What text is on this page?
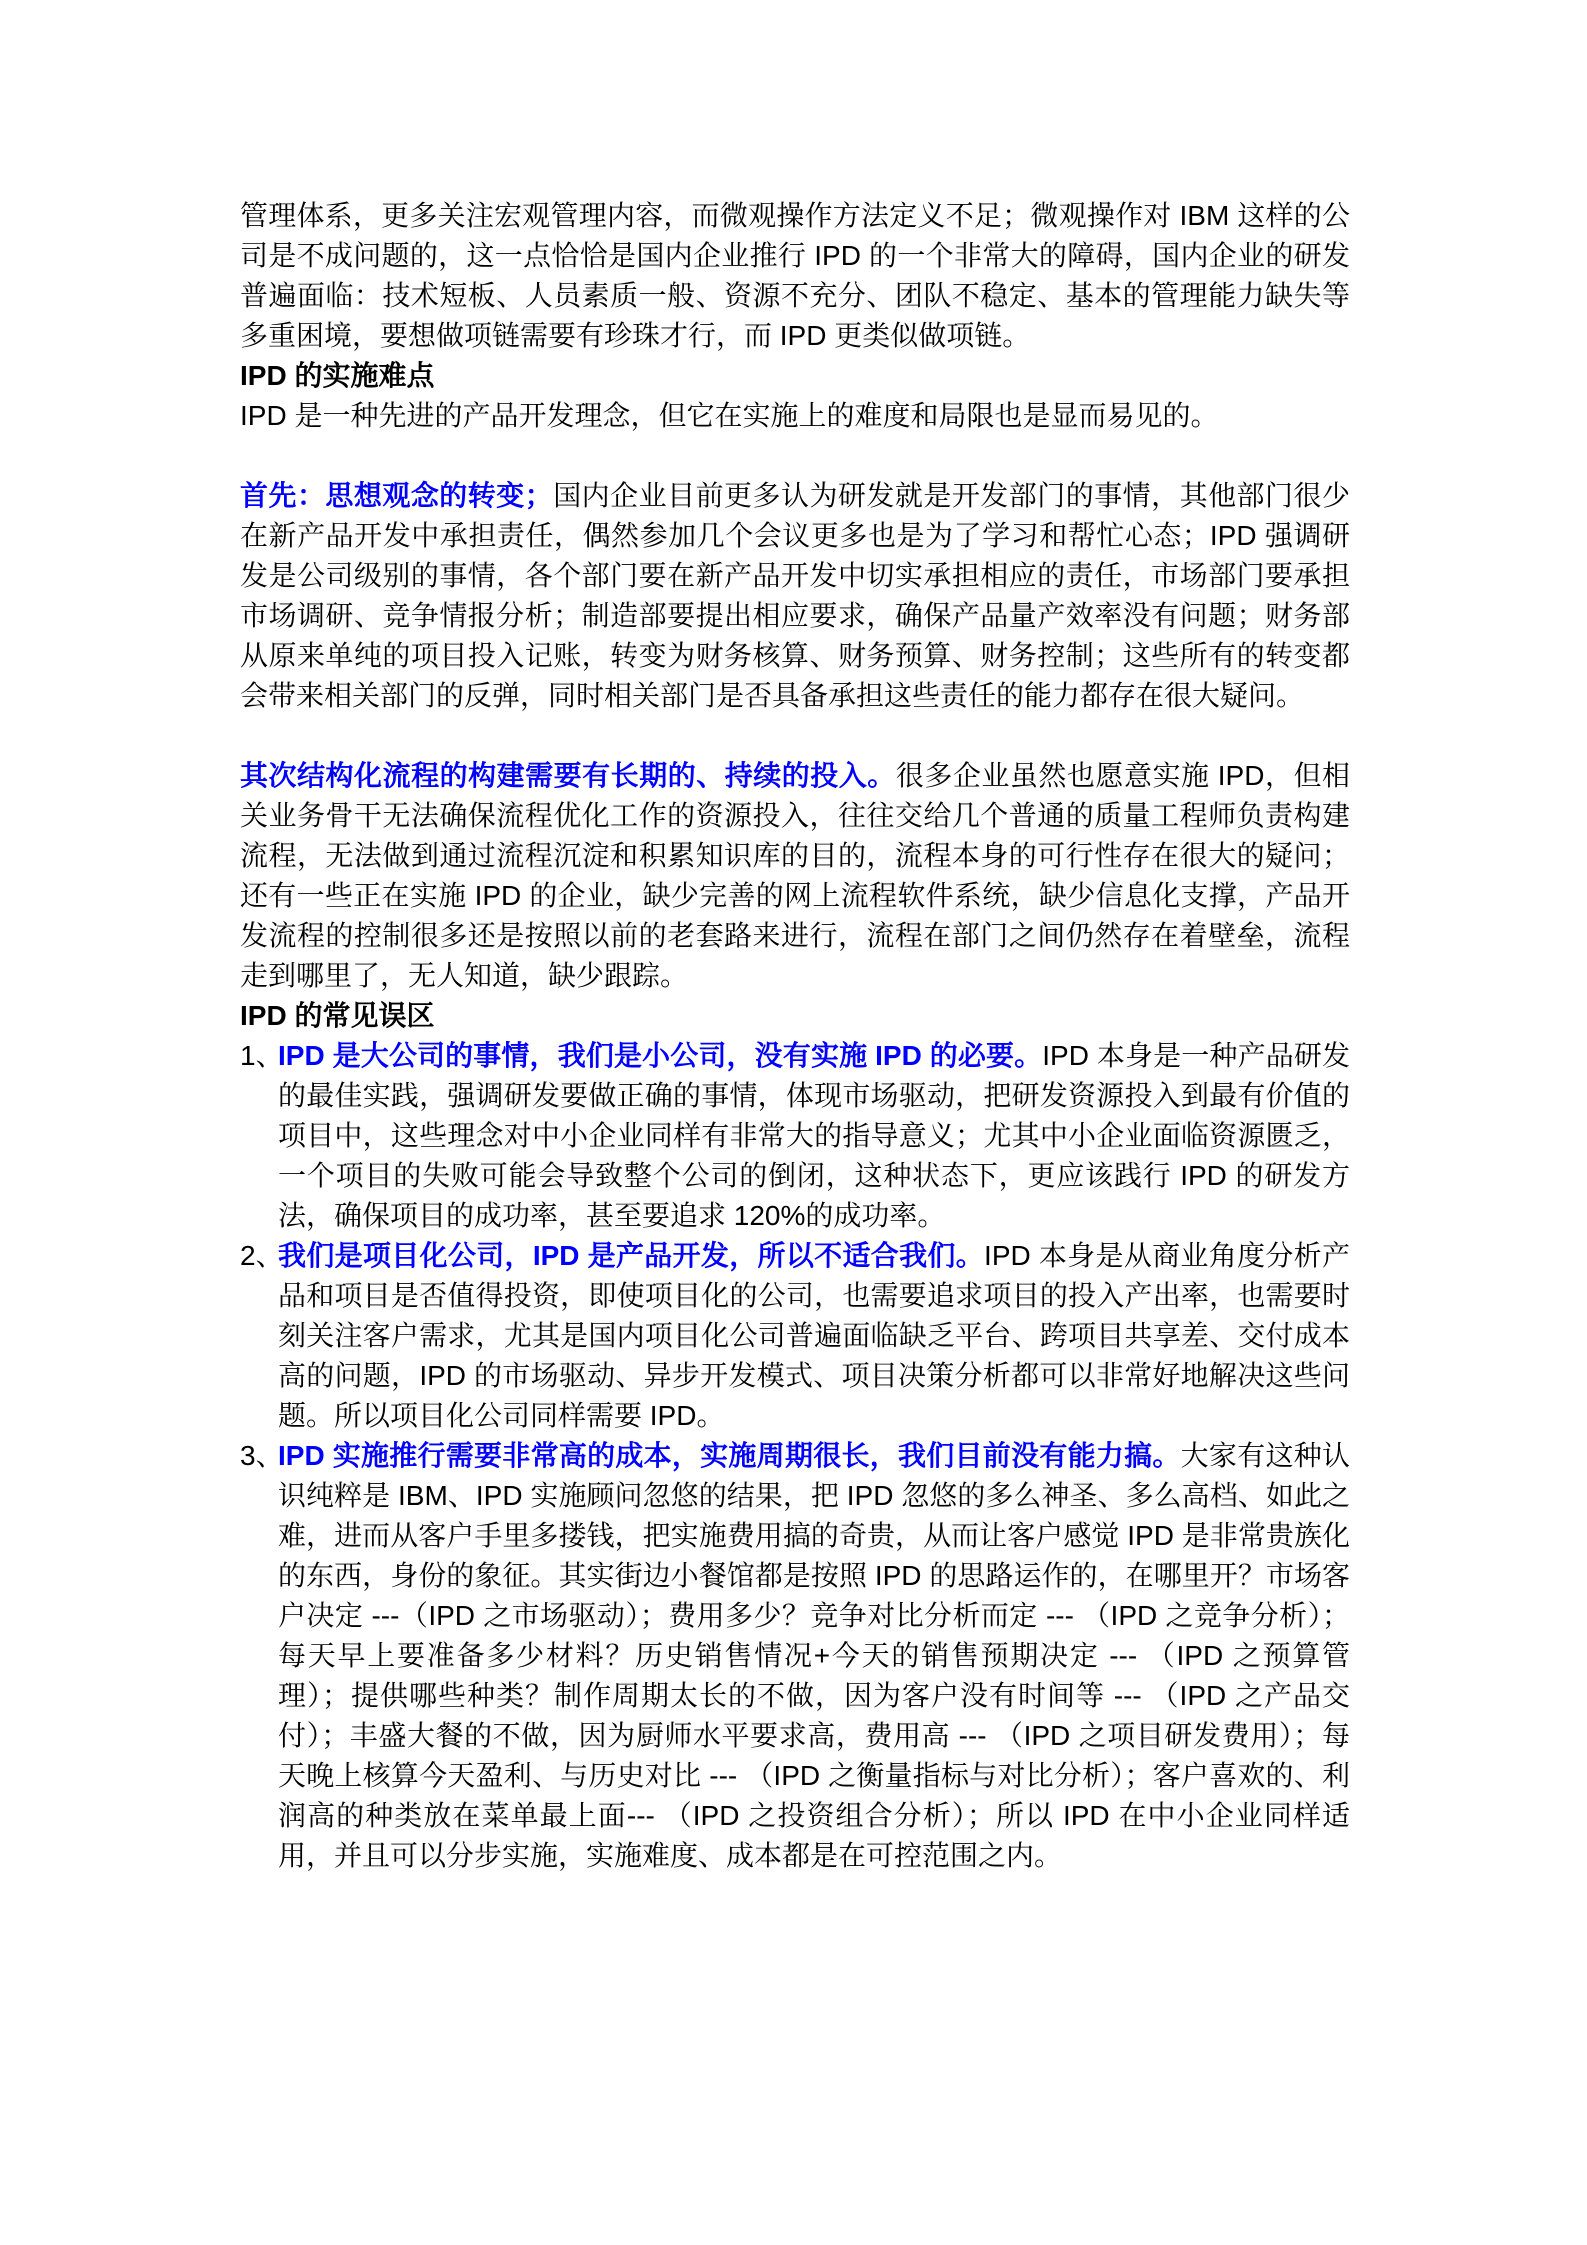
管理体系，更多关注宏观管理内容，而微观操作方法定义不足；微观操作对 IBM 这样的公司是不成问题的，这一点恰恰是国内企业推行 IPD 的一个非常大的障碍，国内企业的研发普遍面临：技术短板、人员素质一般、资源不充分、团队不稳定、基本的管理能力缺失等多重困境，要想做项链需要有珍珠才行，而 IPD 更类似做项链。

IPD 的实施难点

IPD 是一种先进的产品开发理念，但它在实施上的难度和局限也是显而易见的。

首先：思想观念的转变；国内企业目前更多认为研发就是开发部门的事情，其他部门很少在新产品开发中承担责任，偶然参加几个会议更多也是为了学习和帮忙心态；IPD 强调研发是公司级别的事情，各个部门要在新产品开发中切实承担相应的责任，市场部门要承担市场调研、竞争情报分析；制造部要提出相应要求，确保产品量产效率没有问题；财务部从原来单纯的项目投入记账，转变为财务核算、财务预算、财务控制；这些所有的转变都会带来相关部门的反弹，同时相关部门是否具备承担这些责任的能力都存在很大疑问。

其次结构化流程的构建需要有长期的、持续的投入。很多企业虽然也愿意实施 IPD，但相关业务骨干无法确保流程优化工作的资源投入，往往交给几个普通的质量工程师负责构建流程，无法做到通过流程沉淀和积累知识库的目的，流程本身的可行性存在很大的疑问；还有一些正在实施 IPD 的企业，缺少完善的网上流程软件系统，缺少信息化支撑，产品开发流程的控制很多还是按照以前的老套路来进行，流程在部门之间仍然存在着壁垒，流程走到哪里了，无人知道，缺少跟踪。

IPD 的常见误区
1、
IPD 是大公司的事情，我们是小公司，没有实施 IPD 的必要。IPD 本身是一种产品研发的最佳实践，强调研发要做正确的事情，体现市场驱动，把研发资源投入到最有价值的项目中，这些理念对中小企业同样有非常大的指导意义；尤其中小企业面临资源匮乏，一个项目的失败可能会导致整个公司的倒闭，这种状态下，更应该践行 IPD 的研发方法，确保项目的成功率，甚至要追求 120%的成功率。
2、
我们是项目化公司，IPD 是产品开发，所以不适合我们。IPD 本身是从商业角度分析产品和项目是否值得投资，即使项目化的公司，也需要追求项目的投入产出率，也需要时刻关注客户需求，尤其是国内项目化公司普遍面临缺乏平台、跨项目共享差、交付成本高的问题，IPD 的市场驱动、异步开发模式、项目决策分析都可以非常好地解决这些问题。所以项目化公司同样需要 IPD。
3、
IPD 实施推行需要非常高的成本，实施周期很长，我们目前没有能力搞。大家有这种认识纯粹是 IBM、IPD 实施顾问忽悠的结果，把 IPD 忽悠的多么神圣、多么高档、如此之难，进而从客户手里多搂钱，把实施费用搞的奇贵，从而让客户感觉 IPD 是非常贵族化的东西，身份的象征。其实街边小餐馆都是按照 IPD 的思路运作的，在哪里开？市场客户决定 ---（IPD 之市场驱动）；费用多少？竞争对比分析而定 --- （IPD 之竞争分析）；每天早上要准备多少材料？历史销售情况+今天的销售预期决定 --- （IPD 之预算管理）；提供哪些种类？制作周期太长的不做，因为客户没有时间等 --- （IPD 之产品交付）；丰盛大餐的不做，因为厨师水平要求高，费用高 --- （IPD 之项目研发费用）；每天晚上核算今天盈利、与历史对比 --- （IPD 之衡量指标与对比分析）；客户喜欢的、利润高的种类放在菜单最上面--- （IPD 之投资组合分析）；所以 IPD 在中小企业同样适用，并且可以分步实施，实施难度、成本都是在可控范围之内。
